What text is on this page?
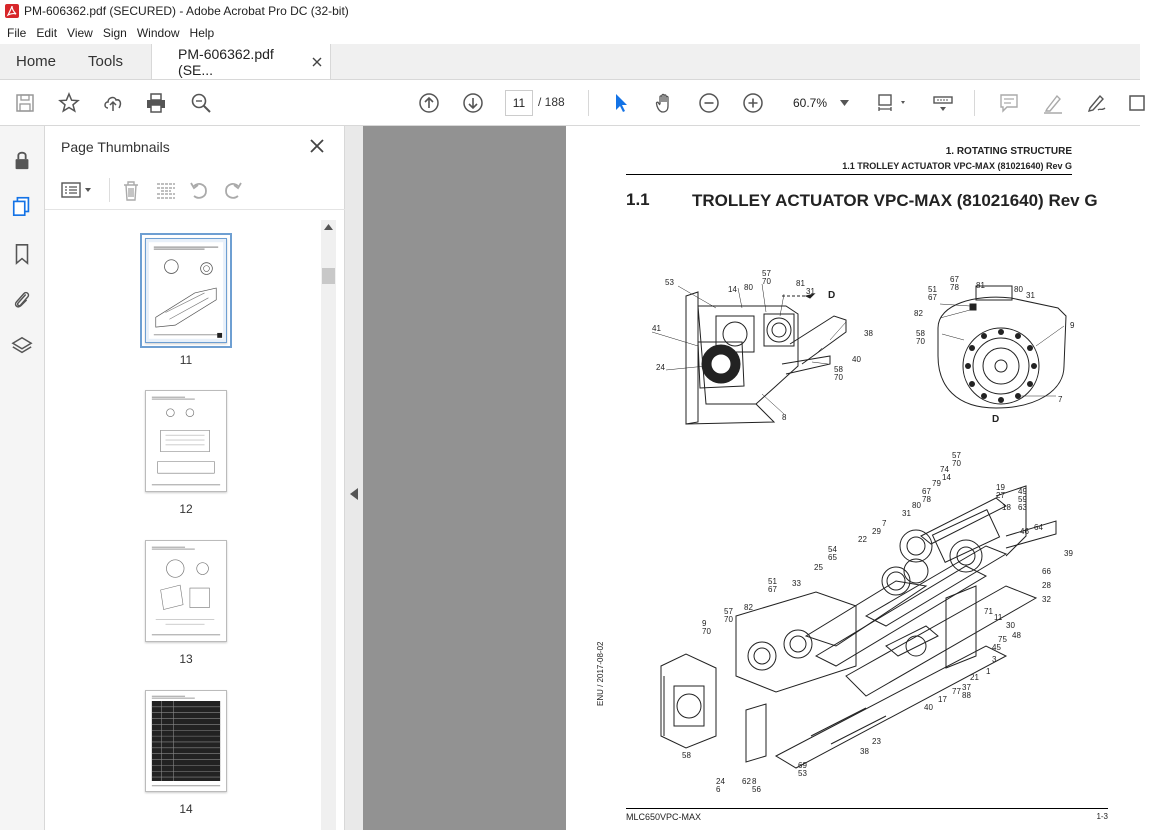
PM-606362.pdf (SECURED) - Adobe Acrobat Pro DC (32-bit)
File Edit View Sign Window Help
Home	Tools	PM-606362.pdf (SE...
11	/ 188	60.7%
Page Thumbnails
11
12
13
14
1. ROTATING STRUCTURE
1.1 TROLLEY ACTUATOR VPC-MAX (81021640) Rev G
1.1 TROLLEY ACTUATOR VPC-MAX (81021640) Rev G
53
14 80
57
70	81
31 D
41
38
24
40
58
70
8
67
78 81
51
67
80
31
82
9
58
70
7
D
57
70
74
14
79
67
78
80
31
19
27
18
49
59
63
7
29
22
54
65
25
33
46 64
39
66
28
32
51
67
82
57
70
9
70
71
11
30
48
75
45
3
1
21
37
88
77
17
40
23
38
58
24
6
62 8
56
69
53
ENU / 2017-08-02
MLC650VPC-MAX	1-3
